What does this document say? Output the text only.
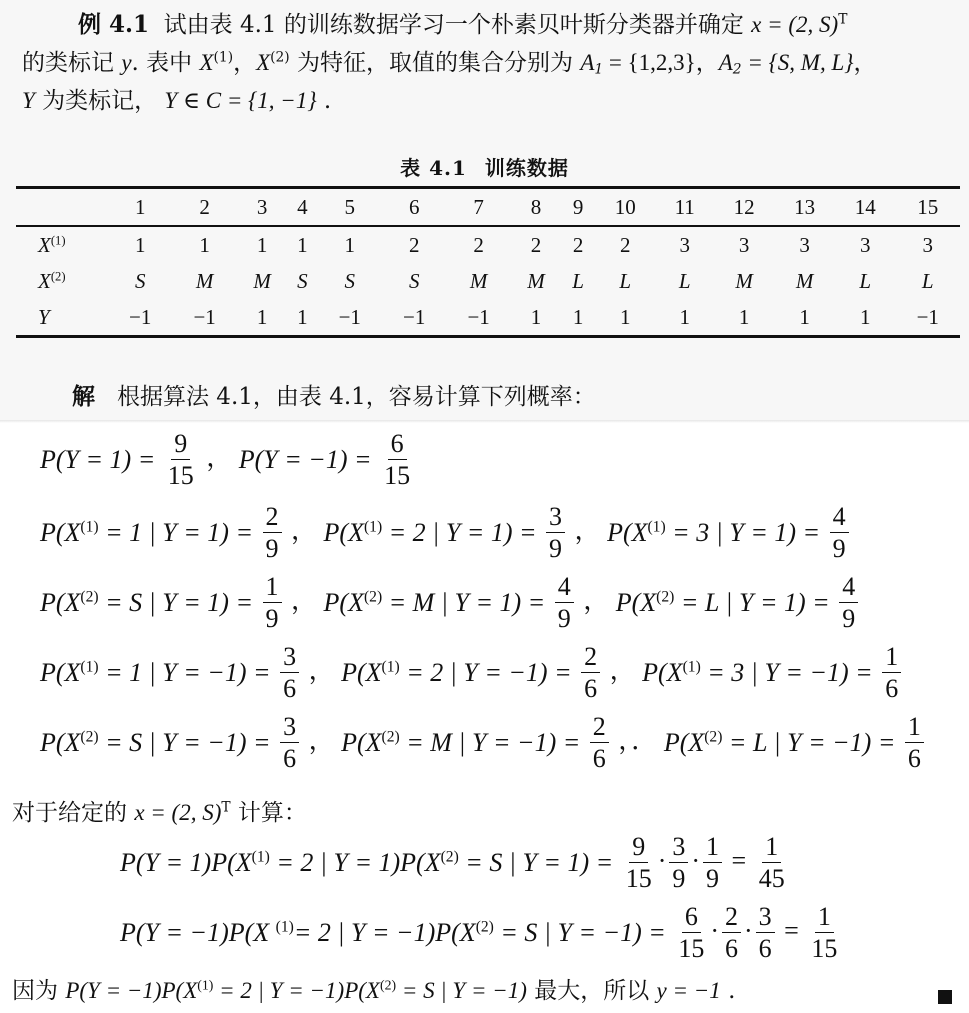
例 4.1 试由表 4.1 的训练数据学习一个朴素贝叶斯分类器并确定 x = (2, S)$^T$
的类标记 y. 表中 $X^{(1)}$，$X^{(2)}$ 为特征，取值的集合分别为 $A_1 = \{1,2,3\}$，$A_2 = \{S$, M, L}，
Y 为类标记， Y ∈ C = {1, −1} .
表 4.1 训练数据
	1	2	3	4	5	6	7	8	9	10	11	12	13	14	15
$X^{(1)}$	1	1	1	1	1	2	2	2	2	2	3	3	3	3	3
$X^{(2)}$	S	M	M	S	S	S	M	M	L	L	L	M	M	L	L
Y	−1	−1	1	1	−1	−1	−1	1	1	1	1	1	1	1	−1
解 根据算法 4.1，由表 4.1，容易计算下列概率：
$P(Y = 1) = \frac{9}{15}$ ， $P(Y = -1) = \frac{6}{15}$
$P(X^{(1)} = 1$ | $Y = 1) = \frac{2}{9}$ ， $P(X^{(1)} = 2$ | $Y = 1) = \frac{3}{9}$ ， $P(X^{(1)} = 3$ | $Y = 1) = \frac{4}{9}$
$P(X^{(2)} = S$ | $Y = 1) = \frac{1}{9}$ ， $P(X^{(2)} = M$ | $Y = 1) = \frac{4}{9}$ ， $P(X^{(2)} = L$ | $Y = 1) = \frac{4}{9}$
$P(X^{(1)} = 1$ | $Y = -1) = \frac{3}{6}$ ， $P(X^{(1)} = 2$ | $Y = -1) = \frac{2}{6}$ ， $P(X^{(1)} = 3$ | $Y = -1) = \frac{1}{6}$
$P(X^{(2)} = S$ | $Y = -1) = \frac{3}{6}$ ， $P(X^{(2)} = M$ | $Y = -1) = \frac{2}{6}$ ，． $P(X^{(2)} = L$ | $Y = -1) = \frac{1}{6}$
对于给定的 x = (2, S)$^T$ 计算：
$P(Y = 1)P(X^{(1)} = 2$ | $Y = 1)P(X^{(2)} = S$ | $Y = 1) = \frac{9}{15} \cdot \frac{3}{9} \cdot \frac{1}{9} = \frac{1}{45}$
P(Y = −1)P(X $^{(1)}$= 2 | $Y = -1)P(X^{(2)} = S$ | $Y = -1) = \frac{6}{15} \cdot \frac{2}{6} \cdot \frac{3}{6} = \frac{1}{15}$
因为 $P(Y = -1)P(X^{(1)} = 2$ | $Y = -1)P(X^{(2)} = S$ | Y = −1) 最大，所以 y = −1 .
